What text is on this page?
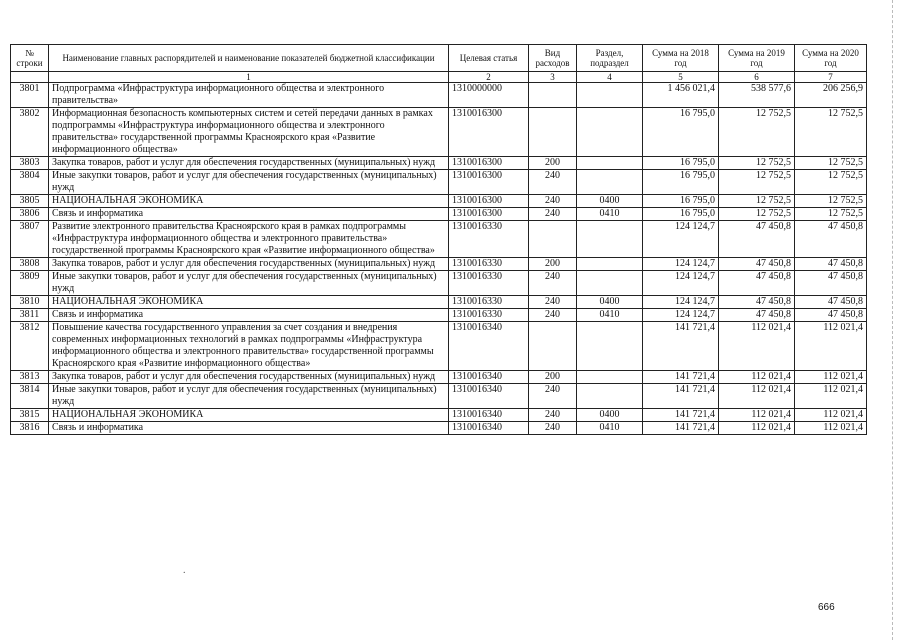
№ строки	Наименование главных распорядителей и наименование показателей бюджетной классификации	Целевая статья	Вид расходов	Раздел, подраздел	Сумма на 2018 год	Сумма на 2019 год	Сумма на 2020 год
	1	2	3	4	5	6	7
3801	Подпрограмма «Инфраструктура информационного общества и электронного правительства»	1310000000			1 456 021,4	538 577,6	206 256,9
3802	Информационная безопасность компьютерных систем и сетей передачи данных в рамках подпрограммы «Инфраструктура информационного общества и электронного правительства» государственной программы Красноярского края «Развитие информационного общества»	1310016300			16 795,0	12 752,5	12 752,5
3803	Закупка товаров, работ и услуг для обеспечения государственных (муниципальных) нужд	1310016300	200		16 795,0	12 752,5	12 752,5
3804	Иные закупки товаров, работ и услуг для обеспечения государственных (муниципальных) нужд	1310016300	240		16 795,0	12 752,5	12 752,5
3805	НАЦИОНАЛЬНАЯ ЭКОНОМИКА	1310016300	240	0400	16 795,0	12 752,5	12 752,5
3806	Связь и информатика	1310016300	240	0410	16 795,0	12 752,5	12 752,5
3807	Развитие электронного правительства Красноярского края в рамках подпрограммы «Инфраструктура информационного общества и электронного правительства» государственной программы Красноярского края «Развитие информационного общества»	1310016330			124 124,7	47 450,8	47 450,8
3808	Закупка товаров, работ и услуг для обеспечения государственных (муниципальных) нужд	1310016330	200		124 124,7	47 450,8	47 450,8
3809	Иные закупки товаров, работ и услуг для обеспечения государственных (муниципальных) нужд	1310016330	240		124 124,7	47 450,8	47 450,8
3810	НАЦИОНАЛЬНАЯ ЭКОНОМИКА	1310016330	240	0400	124 124,7	47 450,8	47 450,8
3811	Связь и информатика	1310016330	240	0410	124 124,7	47 450,8	47 450,8
3812	Повышение качества государственного управления за счет создания и внедрения современных информационных технологий в рамках подпрограммы «Инфраструктура информационного общества и электронного правительства» государственной программы Красноярского края «Развитие информационного общества»	1310016340			141 721,4	112 021,4	112 021,4
3813	Закупка товаров, работ и услуг для обеспечения государственных (муниципальных) нужд	1310016340	200		141 721,4	112 021,4	112 021,4
3814	Иные закупки товаров, работ и услуг для обеспечения государственных (муниципальных) нужд	1310016340	240		141 721,4	112 021,4	112 021,4
3815	НАЦИОНАЛЬНАЯ ЭКОНОМИКА	1310016340	240	0400	141 721,4	112 021,4	112 021,4
3816	Связь и информатика	1310016340	240	0410	141 721,4	112 021,4	112 021,4
.
666
